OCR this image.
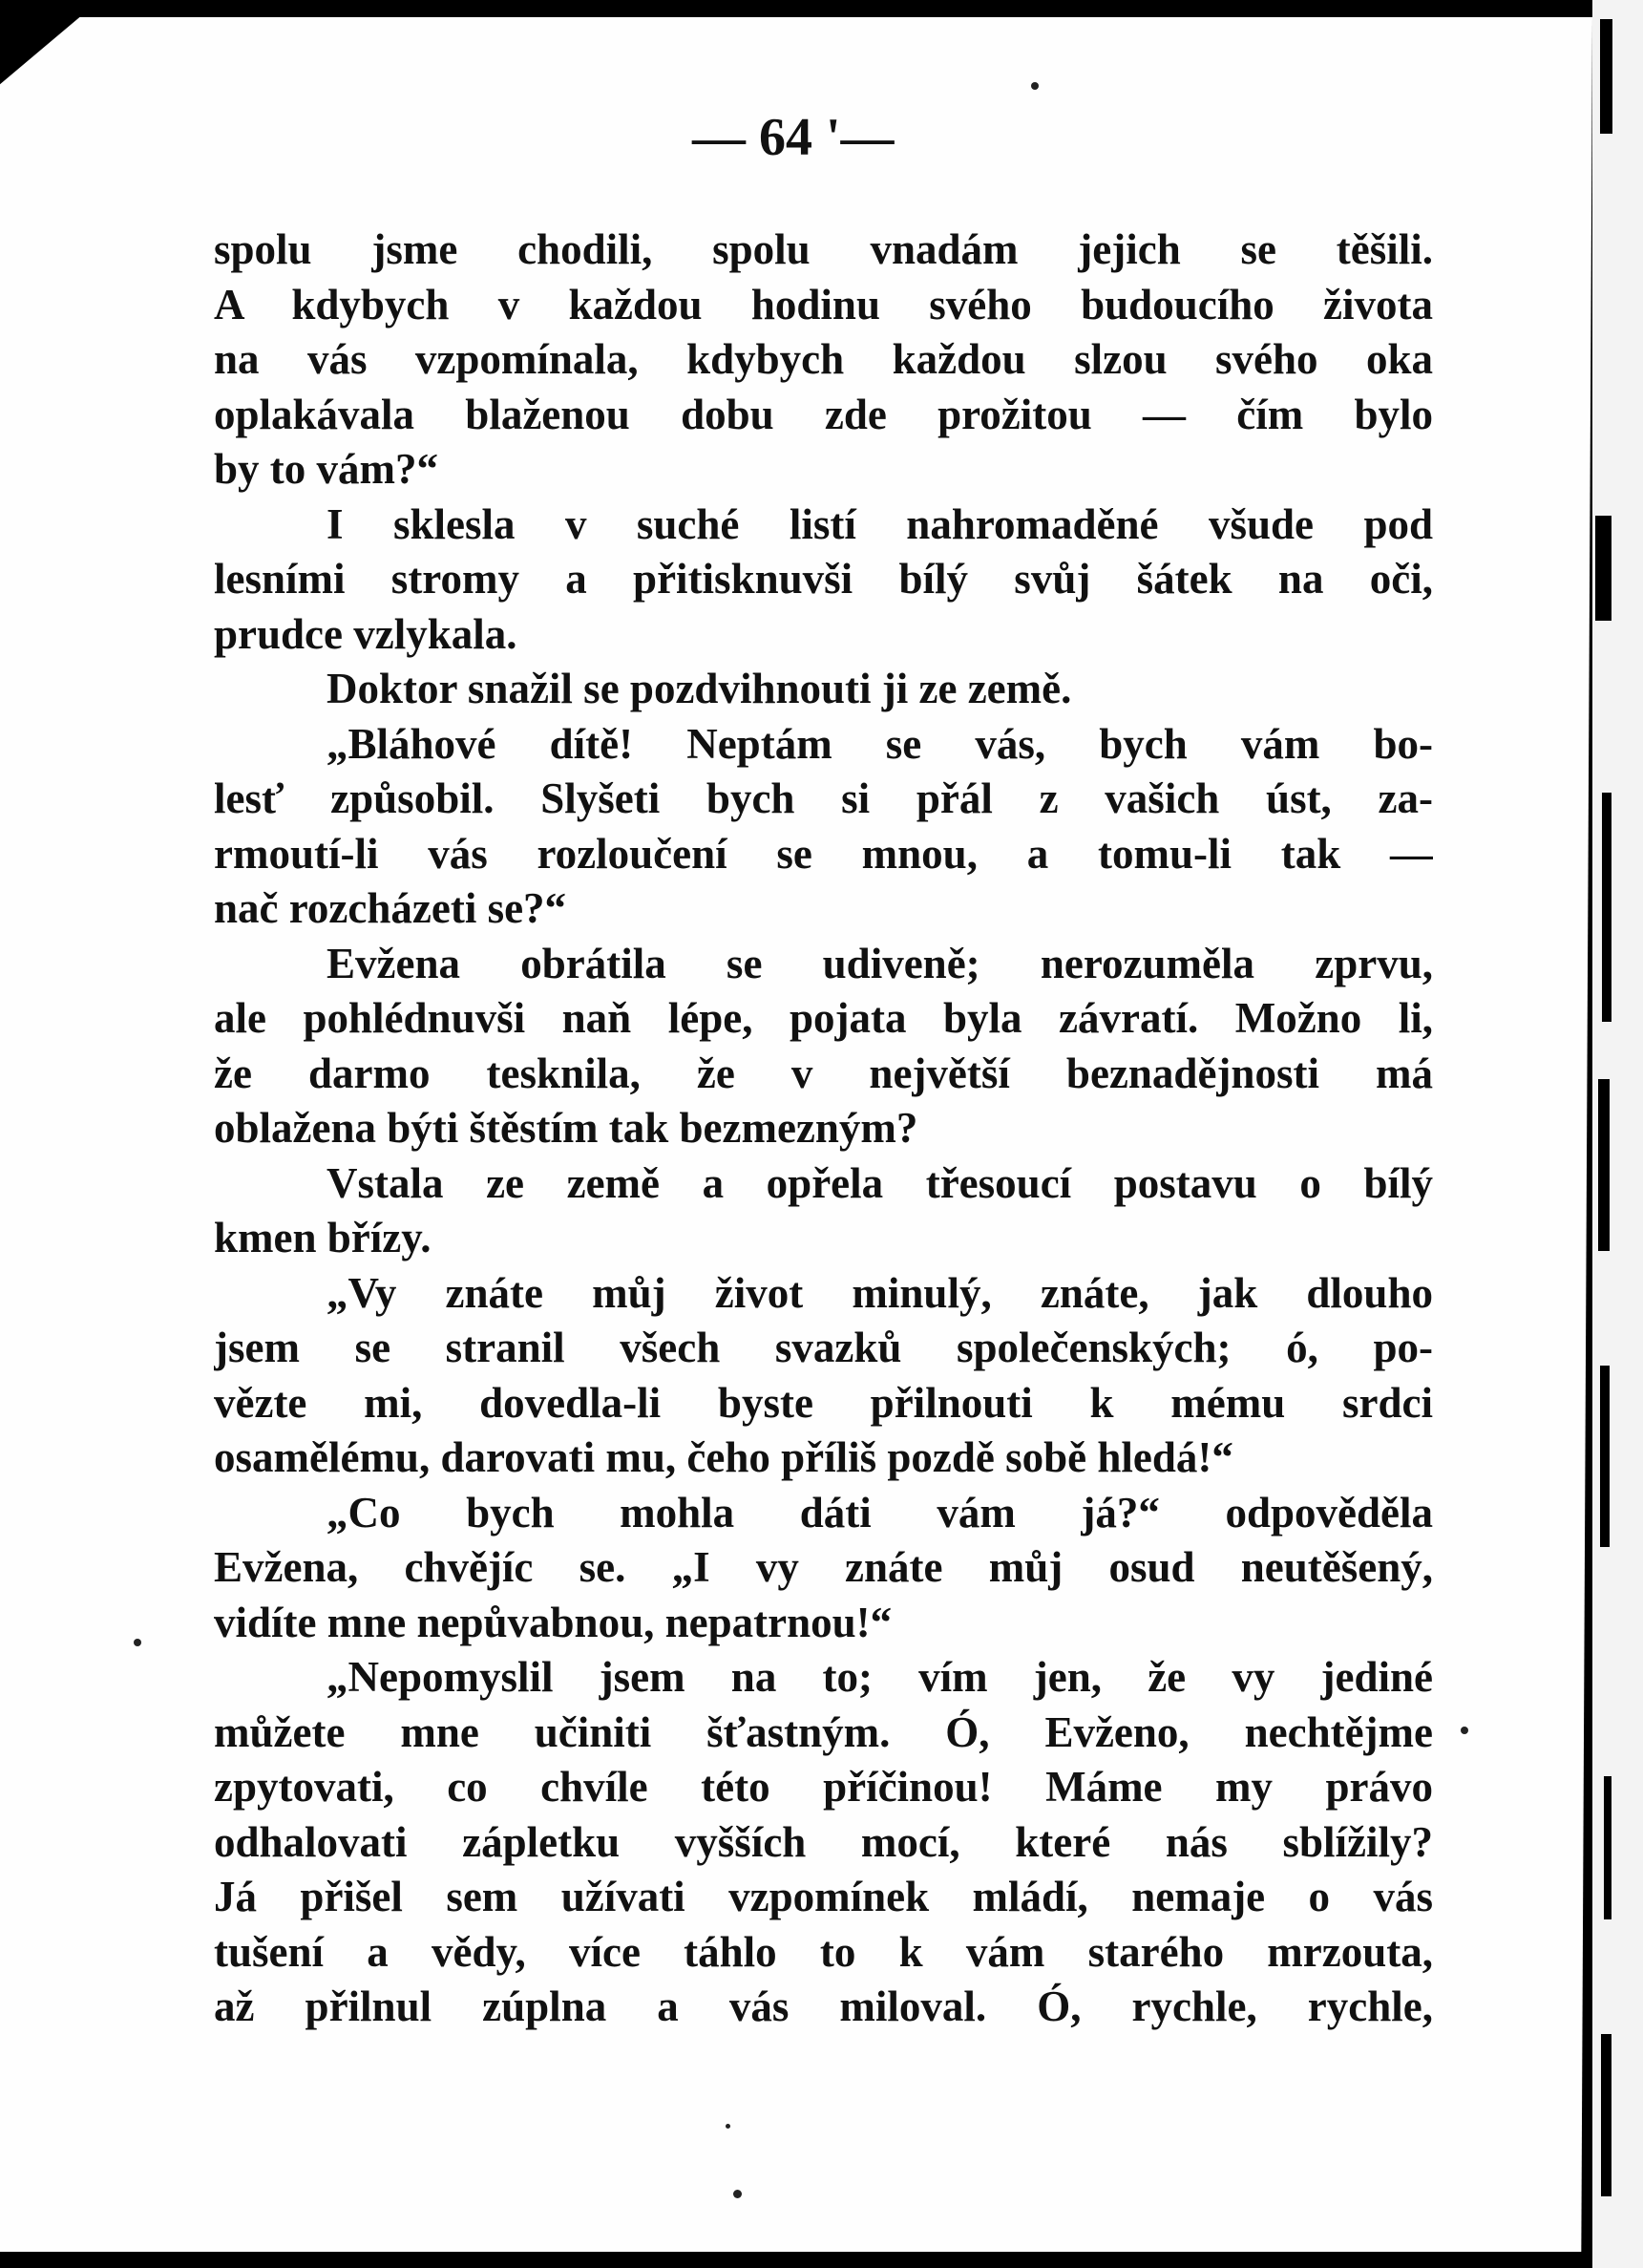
— 64 '—
spolu jsme chodili, spolu vnadám jejich se těšili.
A kdybych v každou hodinu svého budoucího života
na vás vzpomínala, kdybych každou slzou svého oka
oplakávala blaženou dobu zde prožitou — čím bylo
by to vám?“
I sklesla v suché listí nahromaděné všude pod
lesními stromy a přitisknuvši bílý svůj šátek na oči,
prudce vzlykala.
Doktor snažil se pozdvihnouti ji ze země.
„Bláhové dítě! Neptám se vás, bych vám bo-
lesť způsobil. Slyšeti bych si přál z vašich úst, za-
rmoutí-li vás rozloučení se mnou, a tomu-li tak —
nač rozcházeti se?“
Evžena obrátila se udiveně; nerozuměla zprvu,
ale pohlédnuvši naň lépe, pojata byla závratí. Možno li,
že darmo tesknila, že v největší beznadějnosti má
oblažena býti štěstím tak bezmezným?
Vstala ze země a opřela třesoucí postavu o bílý
kmen břízy.
„Vy znáte můj život minulý, znáte, jak dlouho
jsem se stranil všech svazků společenských; ó, po-
vězte mi, dovedla-li byste přilnouti k mému srdci
osamělému, darovati mu, čeho příliš pozdě sobě hledá!“
„Co bych mohla dáti vám já?“ odpověděla
Evžena, chvějíc se. „I vy znáte můj osud neutěšený,
vidíte mne nepůvabnou, nepatrnou!“
„Nepomyslil jsem na to; vím jen, že vy jediné
můžete mne učiniti šťastným. Ó, Evženo, nechtějme
zpytovati, co chvíle této příčinou! Máme my právo
odhalovati zápletku vyšších mocí, které nás sblížily?
Já přišel sem užívati vzpomínek mládí, nemaje o vás
tušení a vědy, více táhlo to k vám starého mrzouta,
až přilnul zúplna a vás miloval. Ó, rychle, rychle,
